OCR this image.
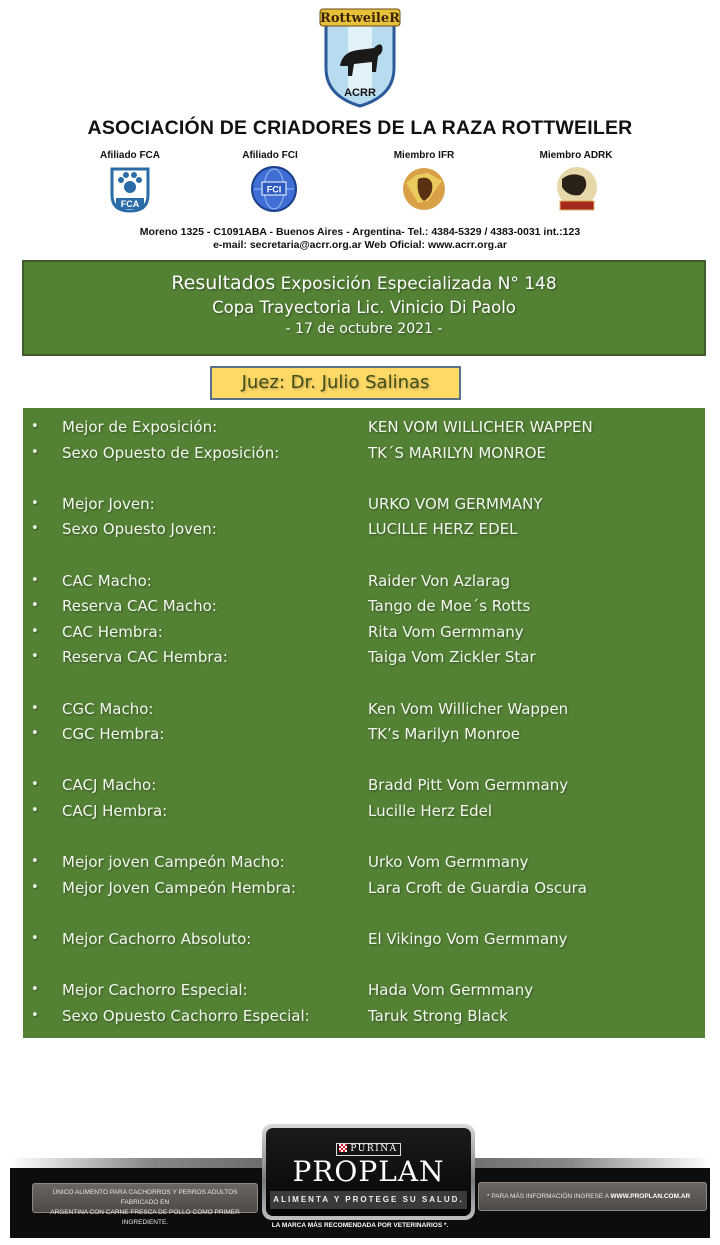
ACRR
RottweileR
ASOCIACIÓN DE CRIADORES DE LA RAZA ROTTWEILER
Afiliado FCA	Afiliado FCI	Miembro IFR	Miembro ADRK
FCA
FCI
Moreno 1325 - C1091ABA - Buenos Aires - Argentina- Tel.: 4384-5329 / 4383-0031 int.:123
e-mail: secretaria@acrr.org.ar Web Oficial: www.acrr.org.ar
Resultados Exposición Especializada N° 148
Copa Trayectoria Lic. Vinicio Di Paolo
- 17 de octubre 2021 -
Juez: Dr. Julio Salinas
• Mejor de Exposición:	KEN VOM WILLICHER WAPPEN
• Sexo Opuesto de Exposición:	TK´S MARILYN MONROE
• Mejor Joven:	URKO VOM GERMMANY
• Sexo Opuesto Joven:	LUCILLE HERZ EDEL
• CAC Macho:	Raider Von Azlarag
• Reserva CAC Macho:	Tango de Moe´s Rotts
• CAC Hembra:	Rita Vom Germmany
• Reserva CAC Hembra:	Taiga Vom Zickler Star
• CGC Macho:	Ken Vom Willicher Wappen
• CGC Hembra:	TK’s Marilyn Monroe
• CACJ Macho:	Bradd Pitt Vom Germmany
• CACJ Hembra:	Lucille Herz Edel
• Mejor joven Campeón Macho:	Urko Vom Germmany
• Mejor Joven Campeón Hembra:	Lara Croft de Guardia Oscura
• Mejor Cachorro Absoluto:	El Vikingo Vom Germmany
• Mejor Cachorro Especial:	Hada Vom Germmany
• Sexo Opuesto Cachorro Especial:	Taruk Strong Black
ÚNICO ALIMENTO PARA CACHORROS Y PERROS ADULTOS FABRICADO EN
ARGENTINA CON CARNE FRESCA DE POLLO COMO PRIMER INGREDIENTE.
* PARA MÁS INFORMACIÓN INGRESE A WWW.PROPLAN.COM.AR
PURINA
PROPLAN
ALIMENTA Y PROTEGE SU SALUD.
LA MARCA MÁS RECOMENDADA POR VETERINARIOS *.
